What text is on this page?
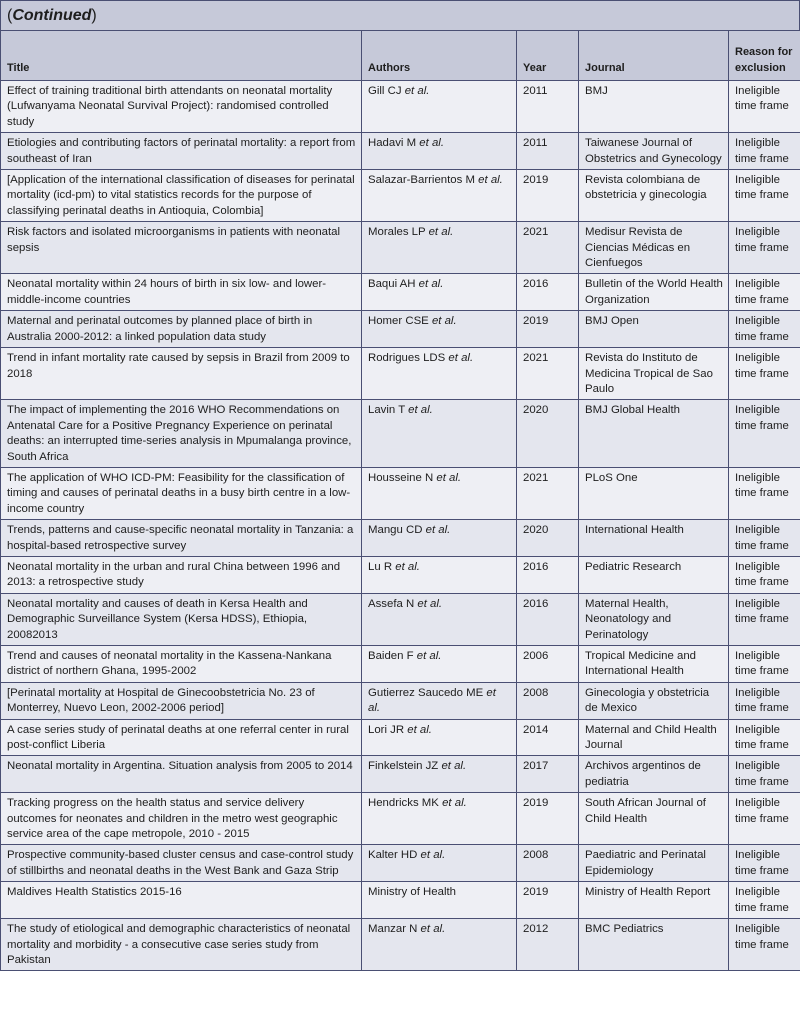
( Continued )
Title	Authors	Year	Journal	Reason for exclusion
Effect of training traditional birth attendants on neonatal mortality (Lufwanyama Neonatal Survival Project): randomised controlled study	Gill CJ et al.	2011	BMJ	Ineligible time frame
Etiologies and contributing factors of perinatal mortality: a report from southeast of Iran	Hadavi M et al.	2011	Taiwanese Journal of Obstetrics and Gynecology	Ineligible time frame
[Application of the international classification of diseases for perinatal mortality (icd-pm) to vital statistics records for the purpose of classifying perinatal deaths in Antioquia, Colombia]	Salazar-Barrientos M et al.	2019	Revista colombiana de obstetricia y ginecologia	Ineligible time frame
Risk factors and isolated microorganisms in patients with neonatal sepsis	Morales LP et al.	2021	Medisur Revista de Ciencias Médicas en Cienfuegos	Ineligible time frame
Neonatal mortality within 24 hours of birth in six low- and lower-middle-income countries	Baqui AH et al.	2016	Bulletin of the World Health Organization	Ineligible time frame
Maternal and perinatal outcomes by planned place of birth in Australia 2000-2012: a linked population data study	Homer CSE et al.	2019	BMJ Open	Ineligible time frame
Trend in infant mortality rate caused by sepsis in Brazil from 2009 to 2018	Rodrigues LDS et al.	2021	Revista do Instituto de Medicina Tropical de Sao Paulo	Ineligible time frame
The impact of implementing the 2016 WHO Recommendations on Antenatal Care for a Positive Pregnancy Experience on perinatal deaths: an interrupted time-series analysis in Mpumalanga province, South Africa	Lavin T et al.	2020	BMJ Global Health	Ineligible time frame
The application of WHO ICD-PM: Feasibility for the classification of timing and causes of perinatal deaths in a busy birth centre in a low-income country	Housseine N et al.	2021	PLoS One	Ineligible time frame
Trends, patterns and cause-specific neonatal mortality in Tanzania: a hospital-based retrospective survey	Mangu CD et al.	2020	International Health	Ineligible time frame
Neonatal mortality in the urban and rural China between 1996 and 2013: a retrospective study	Lu R et al.	2016	Pediatric Research	Ineligible time frame
Neonatal mortality and causes of death in Kersa Health and Demographic Surveillance System (Kersa HDSS), Ethiopia, 20082013	Assefa N et al.	2016	Maternal Health, Neonatology and Perinatology	Ineligible time frame
Trend and causes of neonatal mortality in the Kassena-Nankana district of northern Ghana, 1995-2002	Baiden F et al.	2006	Tropical Medicine and International Health	Ineligible time frame
[Perinatal mortality at Hospital de Ginecoobstetricia No. 23 of Monterrey, Nuevo Leon, 2002-2006 period]	Gutierrez Saucedo ME et al.	2008	Ginecologia y obstetricia de Mexico	Ineligible time frame
A case series study of perinatal deaths at one referral center in rural post-conflict Liberia	Lori JR et al.	2014	Maternal and Child Health Journal	Ineligible time frame
Neonatal mortality in Argentina. Situation analysis from 2005 to 2014	Finkelstein JZ et al.	2017	Archivos argentinos de pediatria	Ineligible time frame
Tracking progress on the health status and service delivery outcomes for neonates and children in the metro west geographic service area of the cape metropole, 2010 - 2015	Hendricks MK et al.	2019	South African Journal of Child Health	Ineligible time frame
Prospective community-based cluster census and case-control study of stillbirths and neonatal deaths in the West Bank and Gaza Strip	Kalter HD et al.	2008	Paediatric and Perinatal Epidemiology	Ineligible time frame
Maldives Health Statistics 2015-16	Ministry of Health	2019	Ministry of Health Report	Ineligible time frame
The study of etiological and demographic characteristics of neonatal mortality and morbidity - a consecutive case series study from Pakistan	Manzar N et al.	2012	BMC Pediatrics	Ineligible time frame
